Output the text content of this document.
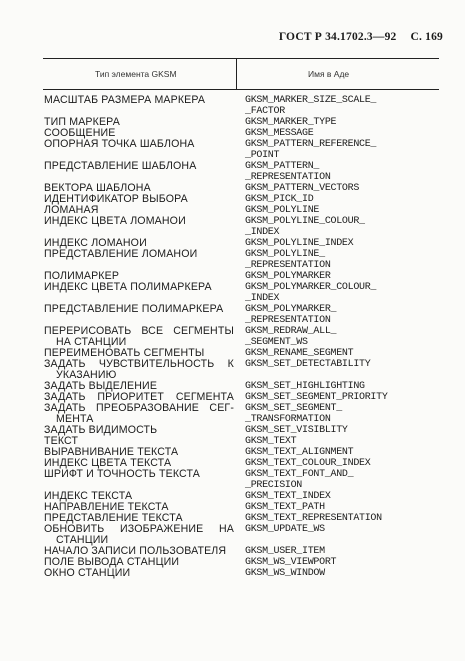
ГОСТ Р 34.1702.3—92 С. 169
Тип элемента GKSM	Имя в Аде
МАСШТАБ РАЗМЕРА МАРКЕРА	GKSM_MARKER_SIZE_SCALE_
_FACTOR
ТИП МАРКЕРА	GKSM_MARKER_TYPE
СООБЩЕНИЕ	GKSM_MESSAGE
ОПОРНАЯ ТОЧКА ШАБЛОНА	GKSM_PATTERN_REFERENCE_
_POINT
ПРЕДСТАВЛЕНИЕ ШАБЛОНА	GKSM_PATTERN_
_REPRESENTATION
ВЕКТОРА ШАБЛОНА	GKSM_PATTERN_VECTORS
ИДЕНТИФИКАТОР ВЫБОРА	GKSM_PICK_ID
ЛОМАНАЯ	GKSM_POLYLINE
ИНДЕКС ЦВЕТА ЛОМАНОЙ	GKSM_POLYLINE_COLOUR_
_INDEX
ИНДЕКС ЛОМАНОЙ	GKSM_POLYLINE_INDEX
ПРЕДСТАВЛЕНИЕ ЛОМАНОЙ	GKSM_POLYLINE_
_REPRESENTATION
ПОЛИМАРКЕР	GKSM_POLYMARKER
ИНДЕКС ЦВЕТА ПОЛИМАРКЕРА	GKSM_POLYMARKER_COLOUR_
_INDEX
ПРЕДСТАВЛЕНИЕ ПОЛИМАРКЕРА	GKSM_POLYMARKER_
_REPRESENTATION
ПЕРЕРИСОВАТЬ ВСЕ СЕГМЕНТЫ
НА СТАНЦИИ
GKSM_REDRAW_ALL_
_SEGMENT_WS
ПЕРЕИМЕНОВАТЬ СЕГМЕНТЫ	GKSM_RENAME_SEGMENT
ЗАДАТЬ ЧУВСТВИТЕЛЬНОСТЬ К
УКАЗАНИЮ
GKSM_SET_DETECTABILITY
ЗАДАТЬ ВЫДЕЛЕНИЕ	GKSM_SET_HIGHLIGHTING
ЗАДАТЬ ПРИОРИТЕТ СЕГМЕНТА GKSM_SET_SEGMENT_PRIORITY
ЗАДАТЬ ПРЕОБРАЗОВАНИЕ СЕГ-
МЕНТА
GKSM_SET_SEGMENT_
_TRANSFORMATION
ЗАДАТЬ ВИДИМОСТЬ	GKSM_SET_VISIBLITY
ТЕКСТ	GKSM_TEXT
ВЫРАВНИВАНИЕ ТЕКСТА	GKSM_TEXT_ALIGNMENT
ИНДЕКС ЦВЕТА ТЕКСТА	GKSM_TEXT_COLOUR_INDEX
ШРИФТ И ТОЧНОСТЬ ТЕКСТА	GKSM_TEXT_FONT_AND_
_PRECISION
ИНДЕКС ТЕКСТА	GKSM_TEXT_INDEX
НАПРАВЛЕНИЕ ТЕКСТА	GKSM_TEXT_PATH
ПРЕДСТАВЛЕНИЕ ТЕКСТА	GKSM_TEXT_REPRESENTATION
ОБНОВИТЬ ИЗОБРАЖЕНИЕ НА
СТАНЦИИ
GKSM_UPDATE_WS
НАЧАЛО ЗАПИСИ ПОЛЬЗОВАТЕЛЯ	GKSM_USER_ITEM
ПОЛЕ ВЫВОДА СТАНЦИИ	GKSM_WS_VIEWPORT
ОКНО СТАНЦИИ	GKSM_WS_WINDOW
